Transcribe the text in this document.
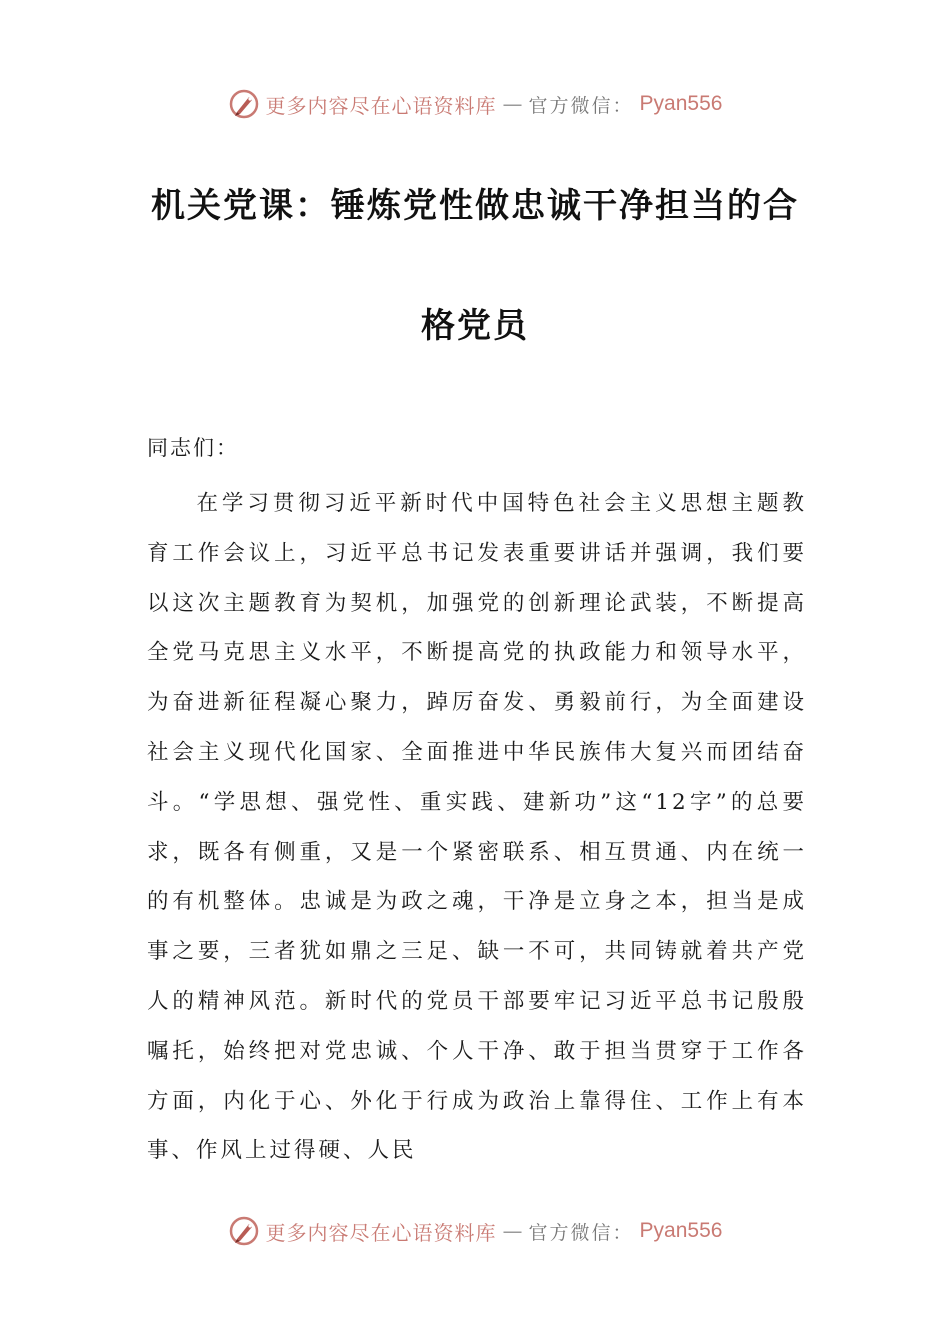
更多内容尽在心语资料库 — 官方微信： Pyan556
机关党课：锤炼党性做忠诚干净担当的合
格党员

同志们：

在学习贯彻习近平新时代中国特色社会主义思想主题教育工作会议上，习近平总书记发表重要讲话并强调，我们要以这次主题教育为契机，加强党的创新理论武装，不断提高全党马克思主义水平，不断提高党的执政能力和领导水平，为奋进新征程凝心聚力，踔厉奋发、勇毅前行，为全面建设社会主义现代化国家、全面推进中华民族伟大复兴而团结奋斗。“学思想、强党性、重实践、建新功”这“12字”的总要求，既各有侧重，又是一个紧密联系、相互贯通、内在统一的有机整体。忠诚是为政之魂，干净是立身之本，担当是成事之要，三者犹如鼎之三足、缺一不可，共同铸就着共产党人的精神风范。新时代的党员干部要牢记习近平总书记殷殷嘱托，始终把对党忠诚、个人干净、敢于担当贯穿于工作各方面，内化于心、外化于行成为政治上靠得住、工作上有本事、作风上过得硬、人民

更多内容尽在心语资料库 — 官方微信： Pyan556
